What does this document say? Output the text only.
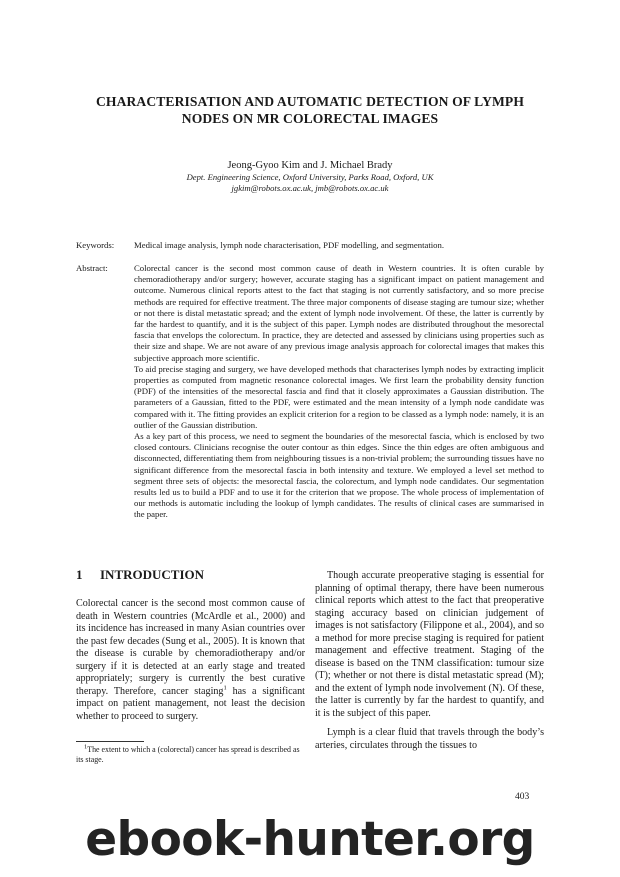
CHARACTERISATION AND AUTOMATIC DETECTION OF LYMPH
NODES ON MR COLORECTAL IMAGES
Jeong-Gyoo Kim and J. Michael Brady
Dept. Engineering Science, Oxford University, Parks Road, Oxford, UK
jgkim@robots.ox.ac.uk, jmb@robots.ox.ac.uk
Keywords: Medical image analysis, lymph node characterisation, PDF modelling, and segmentation.
Abstract:	Colorectal cancer is the second most common cause of death in Western countries. It is often curable by chemoradiotherapy and/or surgery; however, accurate staging has a significant impact on patient management and outcome. Numerous clinical reports attest to the fact that staging is not currently satisfactory, and so more precise methods are required for effective treatment. The three major components of disease staging are tumour size; whether or not there is distal metastatic spread; and the extent of lymph node involvement. Of these, the latter is currently by far the hardest to quantify, and it is the subject of this paper. Lymph nodes are distributed throughout the mesorectal fascia that envelops the colorectum. In practice, they are detected and assessed by clinicians using properties such as their size and shape. We are not aware of any previous image analysis approach for colorectal images that makes this subjective approach more scientific.

To aid precise staging and surgery, we have developed methods that characterises lymph nodes by extracting implicit properties as computed from magnetic resonance colorectal images. We first learn the probability density function (PDF) of the intensities of the mesorectal fascia and find that it closely approximates a Gaussian distribution. The parameters of a Gaussian, fitted to the PDF, were estimated and the mean intensity of a lymph node candidate was compared with it. The fitting provides an explicit criterion for a region to be classed as a lymph node: namely, it is an outlier of the Gaussian distribution.

As a key part of this process, we need to segment the boundaries of the mesorectal fascia, which is enclosed by two closed contours. Clinicians recognise the outer contour as thin edges. Since the thin edges are often ambiguous and disconnected, differentiating them from neighbouring tissues is a non-trivial problem; the surrounding tissues have no significant difference from the mesorectal fascia in both intensity and texture. We employed a level set method to segment three sets of objects: the mesorectal fascia, the colorectum, and lymph node candidates. Our segmentation results led us to build a PDF and to use it for the criterion that we propose. The whole process of implementation of our methods is automatic including the lookup of lymph candidates. The results of clinical cases are summarised in the paper.

1 INTRODUCTION

Colorectal cancer is the second most common cause of death in Western countries (McArdle et al., 2000) and its incidence has increased in many Asian countries over the past few decades (Sung et al., 2005). It is known that the disease is curable by chemoradiotherapy and/or surgery if it is detected at an early stage and treated appropriately; surgery is currently the best curative therapy. Therefore, cancer staging$^1$ has a significant impact on patient management, not least the decision whether to proceed to surgery.

$^1$The extent to which a (colorectal) cancer has spread is described as its stage.

Though accurate preoperative staging is essential for planning of optimal therapy, there have been numerous clinical reports which attest to the fact that preoperative staging accuracy based on clinician judgement of images is not satisfactory (Filippone et al., 2004), and so a method for more precise staging is required for patient management and effective treatment. Staging of the disease is based on the TNM classification: tumour size (T); whether or not there is distal metastatic spread (M); and the extent of lymph node involvement (N). Of these, the latter is currently by far the hardest to quantify, and it is the subject of this paper.

Lymph is a clear fluid that travels through the body’s arteries, circulates through the tissues to

403
ebook-hunter.org
